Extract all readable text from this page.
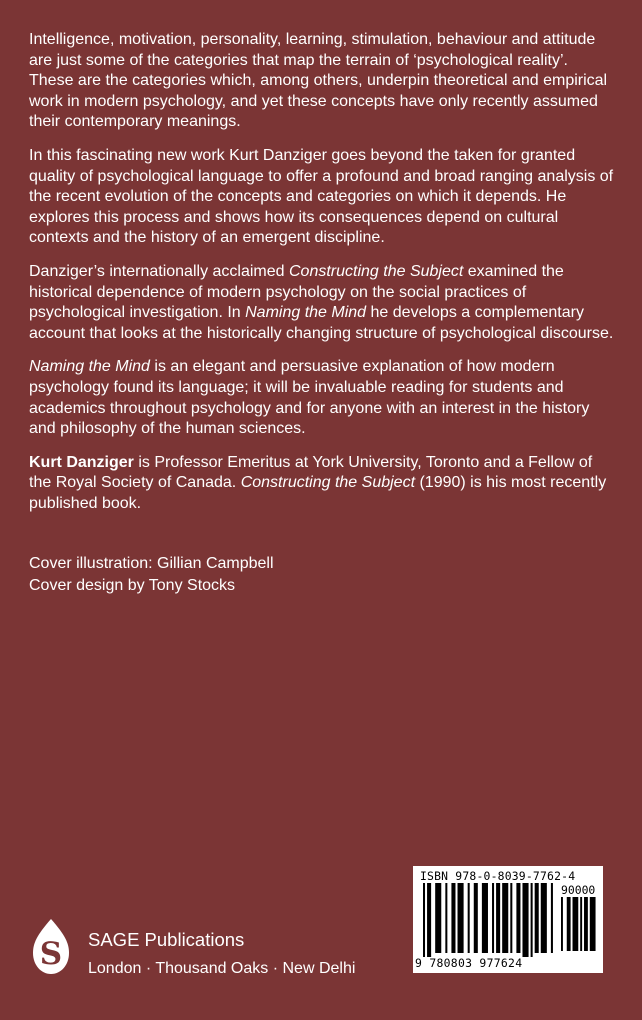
Intelligence, motivation, personality, learning, stimulation, behaviour and attitude are just some of the categories that map the terrain of ‘psychological reality’. These are the categories which, among others, underpin theoretical and empirical work in modern psychology, and yet these concepts have only recently assumed their contemporary meanings.

In this fascinating new work Kurt Danziger goes beyond the taken for granted quality of psychological language to offer a profound and broad ranging analysis of the recent evolution of the concepts and categories on which it depends. He explores this process and shows how its consequences depend on cultural contexts and the history of an emergent discipline.

Danziger’s internationally acclaimed Constructing the Subject examined the historical dependence of modern psychology on the social practices of psychological investigation. In Naming the Mind he develops a complementary account that looks at the historically changing structure of psychological discourse.

Naming the Mind is an elegant and persuasive explanation of how modern psychology found its language; it will be invaluable reading for students and academics throughout psychology and for anyone with an interest in the history and philosophy of the human sciences.

Kurt Danziger is Professor Emeritus at York University, Toronto and a Fellow of the Royal Society of Canada. Constructing the Subject (1990) is his most recently published book.

Cover illustration: Gillian Campbell
Cover design by Tony Stocks
S SAGE Publications
London · Thousand Oaks · New Delhi
ISBN 978-0-8039-7762-4
90000
9 780803 977624
